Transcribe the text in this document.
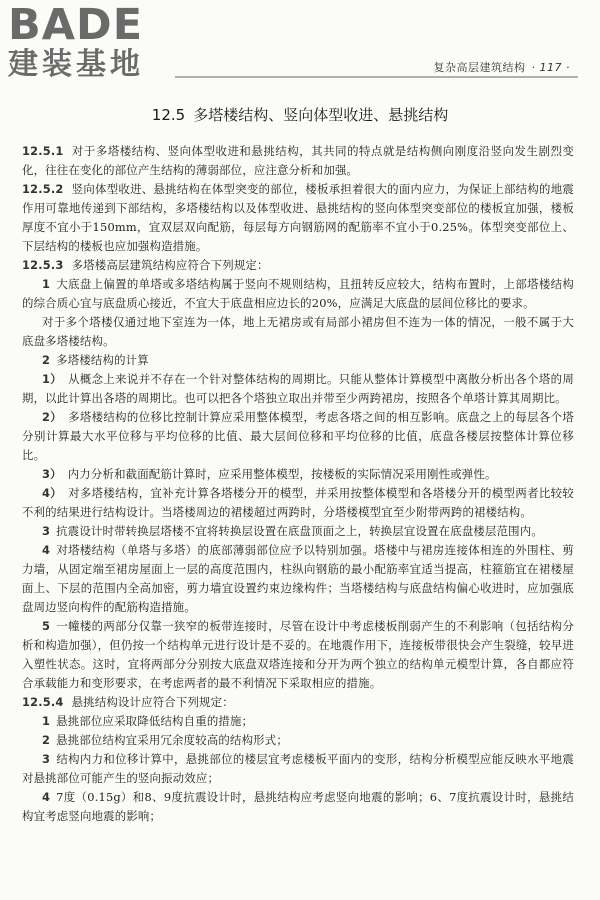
BADE
建装基地	复杂高层建筑结构 · 117 ·
12.5 多塔楼结构、竖向体型收进、悬挑结构

12.5.1 对于多塔楼结构、竖向体型收进和悬挑结构，其共同的特点就是结构侧向刚度沿竖向发生剧烈变化，往往在变化的部位产生结构的薄弱部位，应注意分析和加强。

12.5.2 竖向体型收进、悬挑结构在体型突变的部位，楼板承担着很大的面内应力，为保证上部结构的地震作用可靠地传递到下部结构，多塔楼结构以及体型收进、悬挑结构的竖向体型突变部位的楼板宜加强，楼板厚度不宜小于150mm，宜双层双向配筋，每层每方向钢筋网的配筋率不宜小于0.25%。体型突变部位上、下层结构的楼板也应加强构造措施。

12.5.3 多塔楼高层建筑结构应符合下列规定：

1 大底盘上偏置的单塔或多塔结构属于竖向不规则结构，且扭转反应较大，结构布置时，上部塔楼结构的综合质心宜与底盘质心接近，不宜大于底盘相应边长的20%，应满足大底盘的层间位移比的要求。

对于多个塔楼仅通过地下室连为一体，地上无裙房或有局部小裙房但不连为一体的情况，一般不属于大底盘多塔楼结构。

2 多塔楼结构的计算

1） 从概念上来说并不存在一个针对整体结构的周期比。只能从整体计算模型中离散分析出各个塔的周期，以此计算出各塔的周期比。也可以把各个塔独立取出并带至少两跨裙房，按照各个单塔计算其周期比。

2） 多塔楼结构的位移比控制计算应采用整体模型，考虑各塔之间的相互影响。底盘之上的每层各个塔分别计算最大水平位移与平均位移的比值、最大层间位移和平均位移的比值，底盘各楼层按整体计算位移比。

3） 内力分析和截面配筋计算时，应采用整体模型，按楼板的实际情况采用刚性或弹性。

4） 对多塔楼结构，宜补充计算各塔楼分开的模型，并采用按整体模型和各塔楼分开的模型两者比较较不利的结果进行结构设计。当塔楼周边的裙楼超过两跨时，分塔楼模型宜至少附带两跨的裙楼结构。

3 抗震设计时带转换层塔楼不宜将转换层设置在底盘顶面之上，转换层宜设置在底盘楼层范围内。

4 对塔楼结构（单塔与多塔）的底部薄弱部位应予以特别加强。塔楼中与裙房连接体相连的外围柱、剪力墙，从固定端至裙房屋面上一层的高度范围内，柱纵向钢筋的最小配筋率宜适当提高，柱箍筋宜在裙楼屋面上、下层的范围内全高加密，剪力墙宜设置约束边缘构件；当塔楼结构与底盘结构偏心收进时，应加强底盘周边竖向构件的配筋构造措施。

5 一幢楼的两部分仅靠一狭窄的板带连接时，尽管在设计中考虑楼板削弱产生的不利影响（包括结构分析和构造加强），但仍按一个结构单元进行设计是不妥的。在地震作用下，连接板带很快会产生裂缝，较早进入塑性状态。这时，宜将两部分分别按大底盘双塔连接和分开为两个独立的结构单元模型计算，各自都应符合承载能力和变形要求，在考虑两者的最不利情况下采取相应的措施。

12.5.4 悬挑结构设计应符合下列规定：

1 悬挑部位应采取降低结构自重的措施；

2 悬挑部位结构宜采用冗余度较高的结构形式；

3 结构内力和位移计算中，悬挑部位的楼层宜考虑楼板平面内的变形，结构分析模型应能反映水平地震对悬挑部位可能产生的竖向振动效应；

4 7度（0.15g）和8、9度抗震设计时，悬挑结构应考虑竖向地震的影响；6、7度抗震设计时，悬挑结构宜考虑竖向地震的影响；
